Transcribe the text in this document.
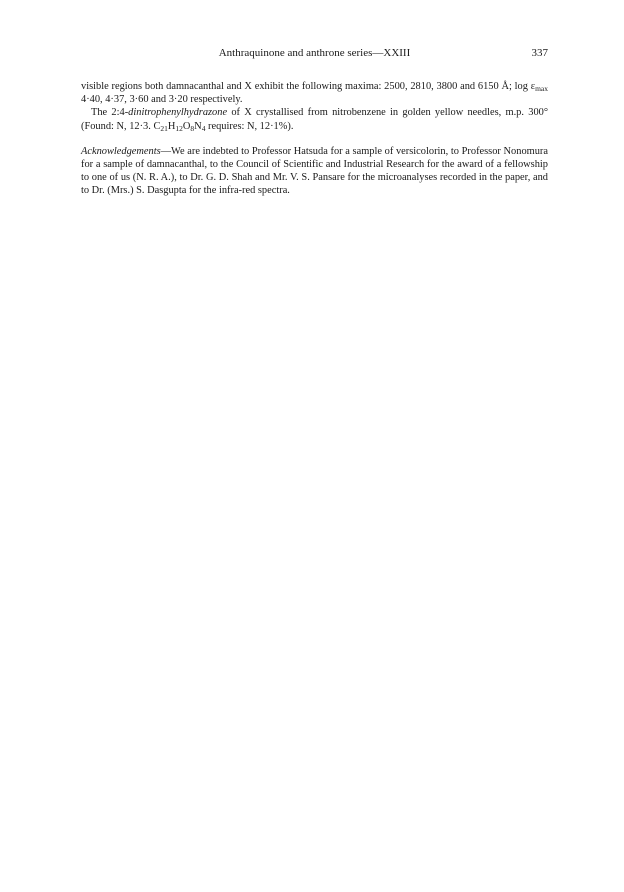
Anthraquinone and anthrone series—XXIII	337

visible regions both damnacanthal and X exhibit the following maxima: 2500, 2810, 3800 and 6150 Å; $\log \varepsilon_{max}$ 4·40, 4·37, 3·60 and 3·20 respectively.

The 2:4-dinitrophenylhydrazone of X crystallised from nitrobenzene in golden yellow needles, m.p. 300° (Found: N, 12·3. $C_{21}H_{12}O_8N_4$ requires: N, 12·1%).

Acknowledgements—We are indebted to Professor Hatsuda for a sample of versicolorin, to Professor Nonomura for a sample of damnacanthal, to the Council of Scientific and Industrial Research for the award of a fellowship to one of us (N. R. A.), to Dr. G. D. Shah and Mr. V. S. Pansare for the microanalyses recorded in the paper, and to Dr. (Mrs.) S. Dasgupta for the infra-red spectra.
